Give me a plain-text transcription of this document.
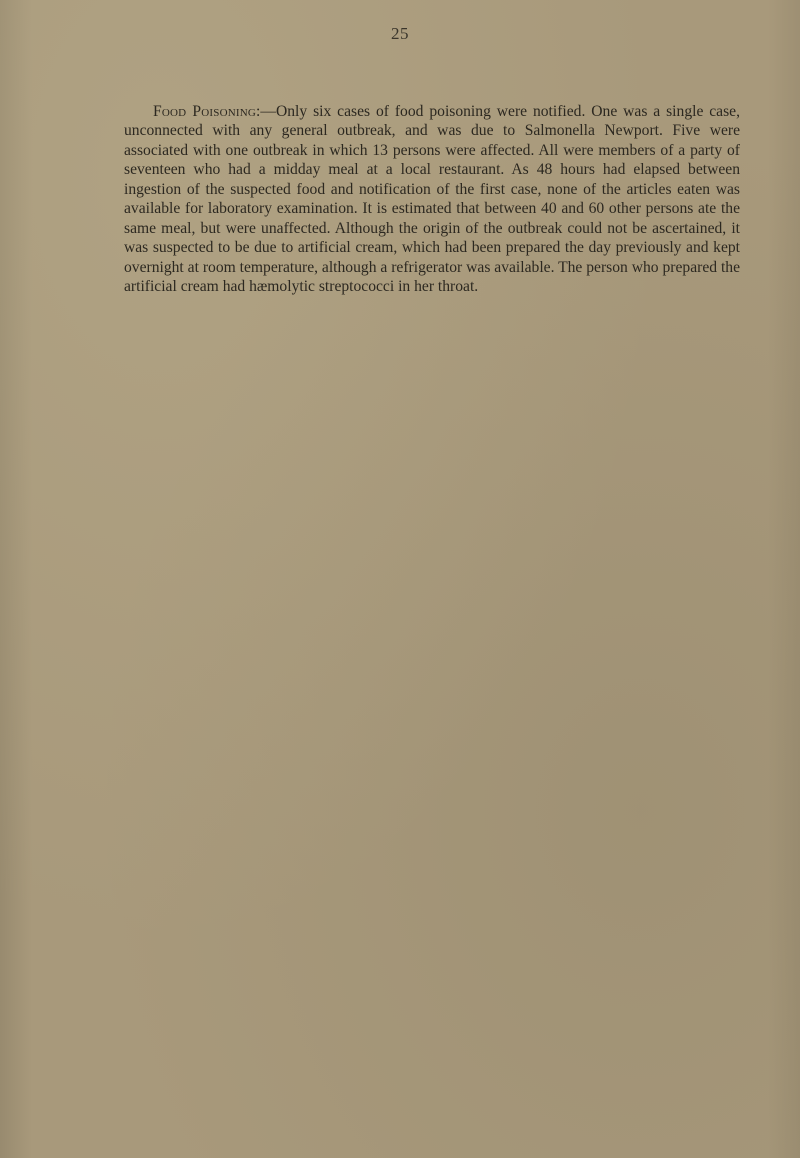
25

Food Poisoning:—Only six cases of food poisoning were notified. One was a single case, unconnected with any general outbreak, and was due to Salmonella Newport. Five were associated with one outbreak in which 13 persons were affected. All were members of a party of seventeen who had a midday meal at a local restaurant. As 48 hours had elapsed between ingestion of the suspected food and notification of the first case, none of the articles eaten was available for laboratory examination. It is estimated that between 40 and 60 other persons ate the same meal, but were unaffected. Although the origin of the outbreak could not be ascertained, it was suspected to be due to artificial cream, which had been prepared the day previously and kept overnight at room temperature, although a refrigerator was available. The person who prepared the artificial cream had hæmolytic streptococci in her throat.
